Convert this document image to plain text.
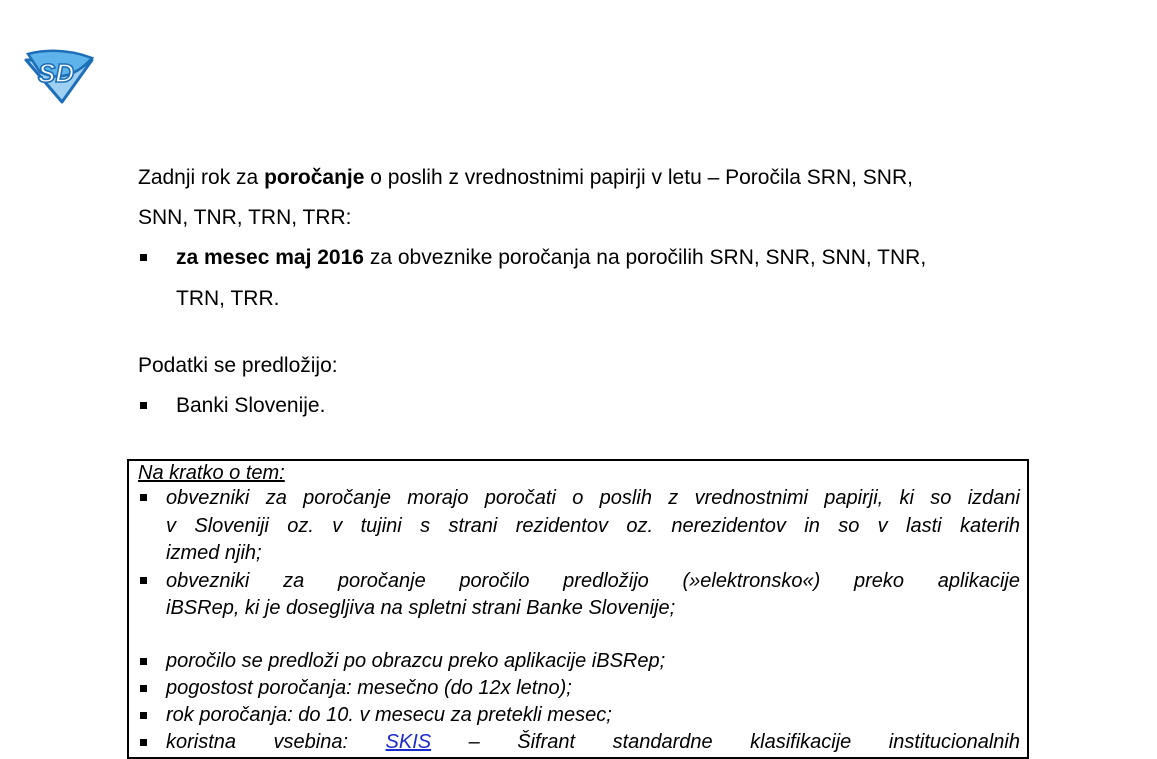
SD
Zadnji rok za poročanje o poslih z vrednostnimi papirji v letu – Poročila SRN, SNR,
SNN, TNR, TRN, TRR:
za mesec maj 2016 za obveznike poročanja na poročilih SRN, SNR, SNN, TNR,
TRN, TRR.
Podatki se predložijo:
Banki Slovenije.
Na kratko o tem:
obvezniki za poročanje morajo poročati o poslih z vrednostnimi papirji, ki so izdani
v Sloveniji oz. v tujini s strani rezidentov oz. nerezidentov in so v lasti katerih
izmed njih;
obvezniki za poročanje poročilo predložijo (»elektronsko«) preko aplikacije
iBSRep, ki je dosegljiva na spletni strani Banke Slovenije;
poročilo se predloži po obrazcu preko aplikacije iBSRep;
pogostost poročanja: mesečno (do 12x letno);
rok poročanja: do 10. v mesecu za pretekli mesec;
koristna vsebina: SKIS – Šifrant standardne klasifikacije institucionalnih
